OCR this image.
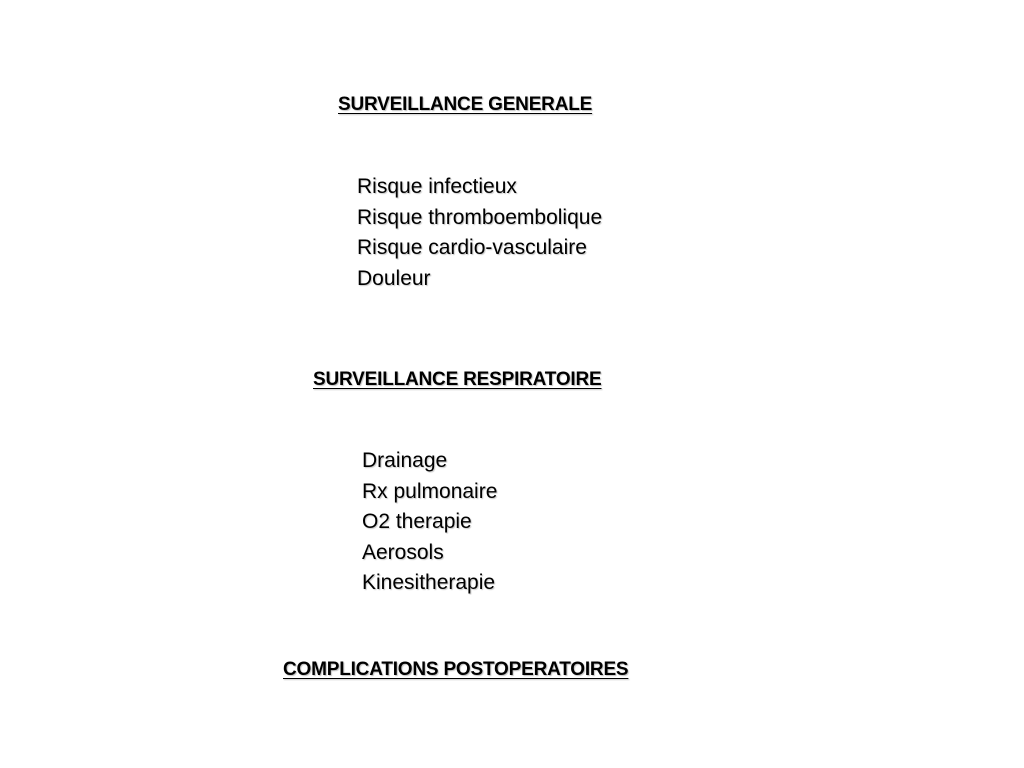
SURVEILLANCE GENERALE
Risque infectieux
Risque thromboembolique
Risque cardio-vasculaire
Douleur
SURVEILLANCE RESPIRATOIRE
Drainage
Rx pulmonaire
O2 therapie
Aerosols
Kinesitherapie
COMPLICATIONS POSTOPERATOIRES
